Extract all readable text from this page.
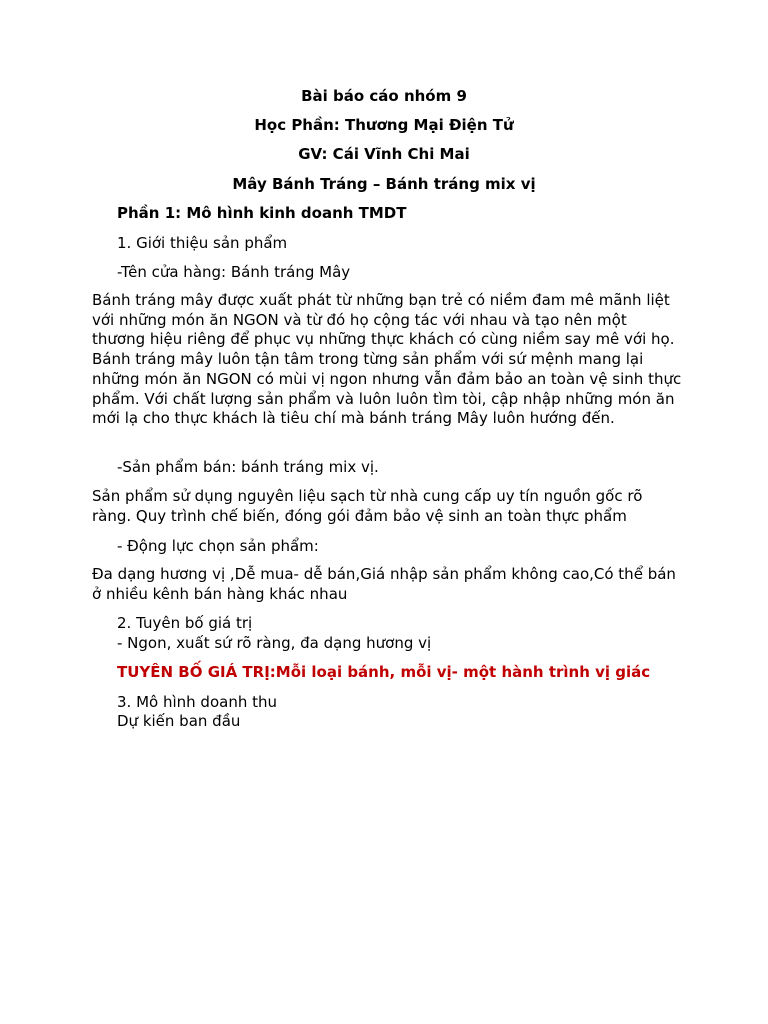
Bài báo cáo nhóm 9
Học Phần: Thương Mại Điện Tử
GV: Cái Vĩnh Chi Mai
Mây Bánh Tráng – Bánh tráng mix vị
Phần 1: Mô hình kinh doanh TMDT
1. Giới thiệu sản phẩm
-Tên cửa hàng: Bánh tráng Mây
Bánh tráng mây được xuất phát từ những bạn trẻ có niềm đam mê mãnh liệt với những món ăn NGON và từ đó họ cộng tác với nhau và tạo nên một thương hiệu riêng để phục vụ những thực khách có cùng niềm say mê với họ. Bánh tráng mây luôn tận tâm trong từng sản phẩm với sứ mệnh mang lại những món ăn NGON có mùi vị ngon nhưng vẫn đảm bảo an toàn vệ sinh thực phẩm. Với chất lượng sản phẩm và luôn luôn tìm tòi, cập nhập những món ăn mới lạ cho thực khách là tiêu chí mà bánh tráng Mây luôn hướng đến.
-Sản phẩm bán: bánh tráng mix vị.
Sản phẩm sử dụng nguyên liệu sạch từ nhà cung cấp uy tín nguồn gốc rõ ràng. Quy trình chế biến, đóng gói đảm bảo vệ sinh an toàn thực phẩm
- Động lực chọn sản phẩm:
Đa dạng hương vị ,Dễ mua- dễ bán,Giá nhập sản phẩm không cao,Có thể bán ở nhiều kênh bán hàng khác nhau
2. Tuyên bố giá trị
- Ngon, xuất sứ rõ ràng, đa dạng hương vị
TUYÊN BỐ GIÁ TRỊ:Mỗi loại bánh, mỗi vị- một hành trình vị giác
3. Mô hình doanh thu
Dự kiến ban đầu
